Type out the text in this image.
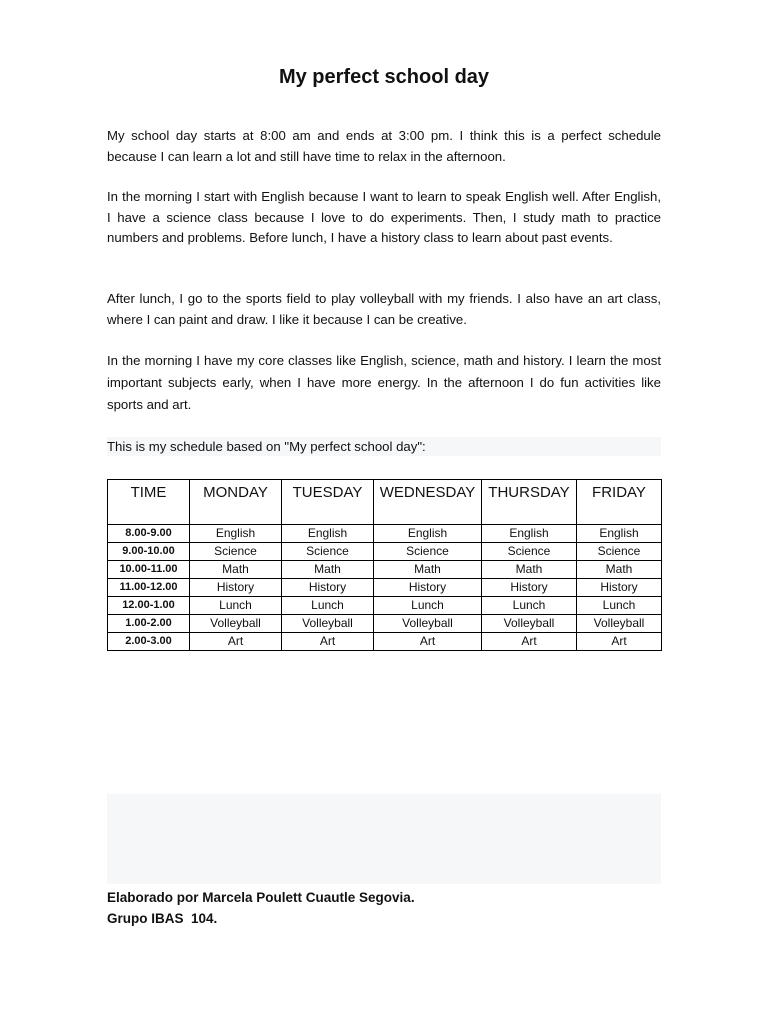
My perfect school day
My school day starts at 8:00 am and ends at 3:00 pm. I think this is a perfect schedule because I can learn a lot and still have time to relax in the afternoon.
In the morning I start with English because I want to learn to speak English well. After English, I have a science class because I love to do experiments. Then, I study math to practice numbers and problems. Before lunch, I have a history class to learn about past events.
After lunch, I go to the sports field to play volleyball with my friends. I also have an art class, where I can paint and draw. I like it because I can be creative.
In the morning I have my core classes like English, science, math and history. I learn the most important subjects early, when I have more energy. In the afternoon I do fun activities like sports and art.
This is my schedule based on "My perfect school day":
TIME	MONDAY	TUESDAY	WEDNESDAY	THURSDAY	FRIDAY
8.00-9.00	English	English	English	English	English
9.00-10.00	Science	Science	Science	Science	Science
10.00-11.00	Math	Math	Math	Math	Math
11.00-12.00	History	History	History	History	History
12.00-1.00	Lunch	Lunch	Lunch	Lunch	Lunch
1.00-2.00	Volleyball	Volleyball	Volleyball	Volleyball	Volleyball
2.00-3.00	Art	Art	Art	Art	Art
Elaborado por Marcela Poulett Cuautle Segovia.
Grupo IBAS  104.
